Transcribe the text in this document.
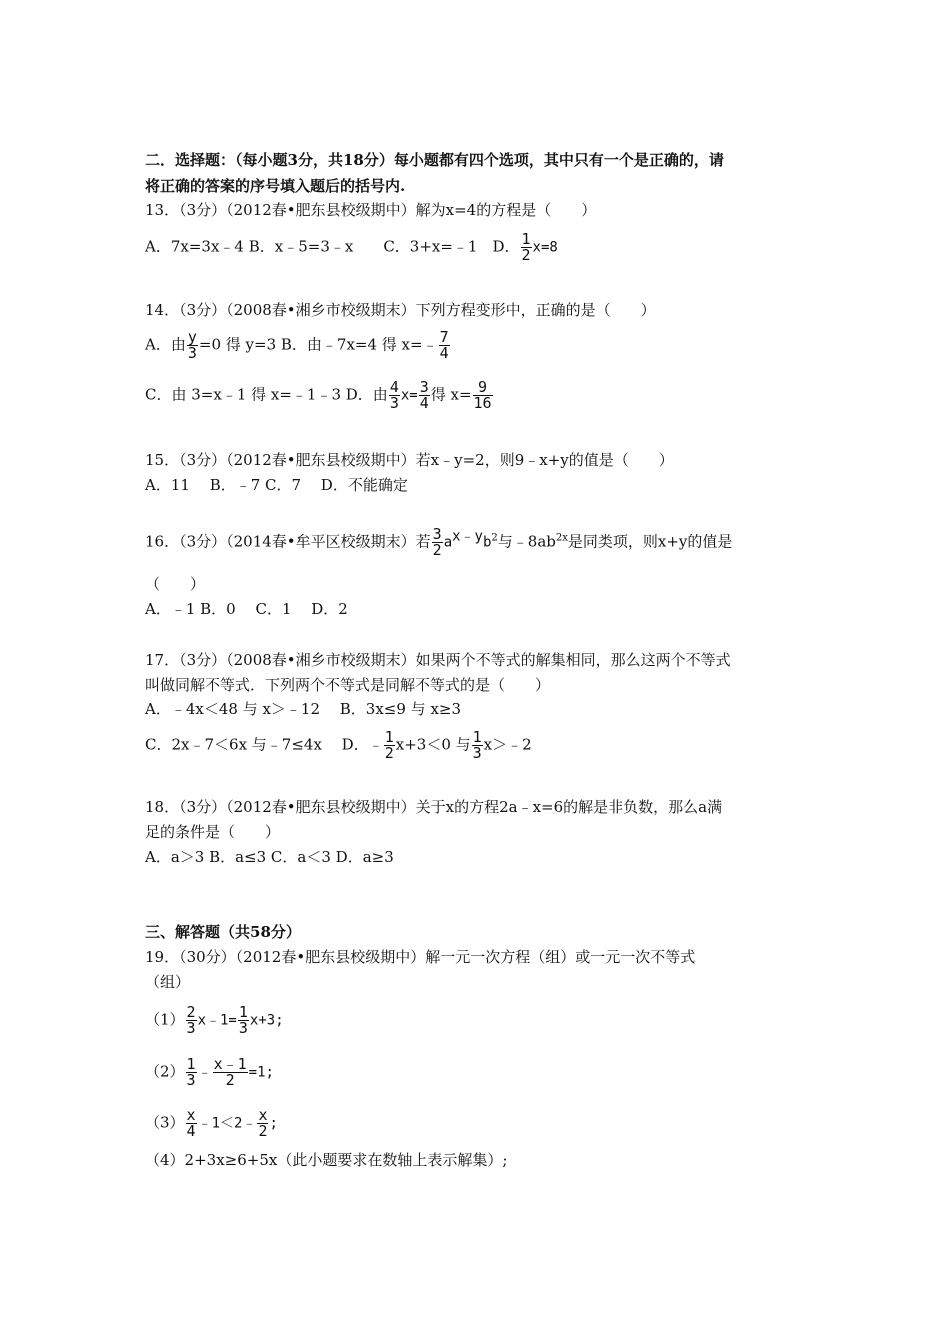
二．选择题：（每小题3分，共18分）每小题都有四个选项，其中只有一个是正确的，请
将正确的答案的序号填入题后的括号内.
13．（3分）（2012春•肥东县校级期中）解为x=4的方程是（　　）
A．7x=3x﹣4 B．x﹣5=3﹣x　　C．3+x=﹣1　D． $\frac{1}{2} x=8$
14．（3分）（2008春•湘乡市校级期末）下列方程变形中，正确的是（　　）
A．由 $\frac{y}{3} =0$ 得 y=3 B．由﹣7x=4 得 x=﹣ $\frac{7}{4}$
C．由 3=x﹣1 得 x=﹣1﹣3 D．由 $\frac{4}{3} x= \frac{3}{4}$ 得 $x= \frac{9}{16}$
15．（3分）（2012春•肥东县校级期中）若x﹣y=2，则9﹣x+y的值是（　　）
A．11　 B．﹣7 C．7　 D．不能确定
16．（3分）（2014春•牟平区校级期末）若 $\frac{3}{2} a^{x﹣y}b^2$与$﹣8ab^{2x}$是同类项，则x+y的值是
（　　）
A．﹣1 B．0　 C．1　 D．2
17．（3分）（2008春•湘乡市校级期末）如果两个不等式的解集相同，那么这两个不等式
叫做同解不等式．下列两个不等式是同解不等式的是（　　）
A．﹣4x＜48 与 x＞﹣12　 B．3x≤9 与 x≥3
C．2x﹣7＜6x 与﹣7≤4x　 D．﹣ $\frac{1}{2} x+3<0$ 与 $\frac{1}{3}$ x＞﹣2
18．（3分）（2012春•肥东县校级期中）关于x的方程2a﹣x=6的解是非负数，那么a满
足的条件是（　　）
A．a＞3 B．a≤3 C．a＜3 D．a≥3
三、解答题（共58分）
19．（30分）（2012春•肥东县校级期中）解一元一次方程（组）或一元一次不等式
（组）
$(1) \frac{2}{3}$ x﹣1= $\frac{1}{3} x+3$;
$(2) \frac{1}{3}$ ﹣ $\frac{x﹣1}{2} =1$;
$(3) \frac{x}{4}$ ﹣1＜2﹣ $\frac{x}{2}$ ;
（4）2+3x≥6+5x（此小题要求在数轴上表示解集）;
